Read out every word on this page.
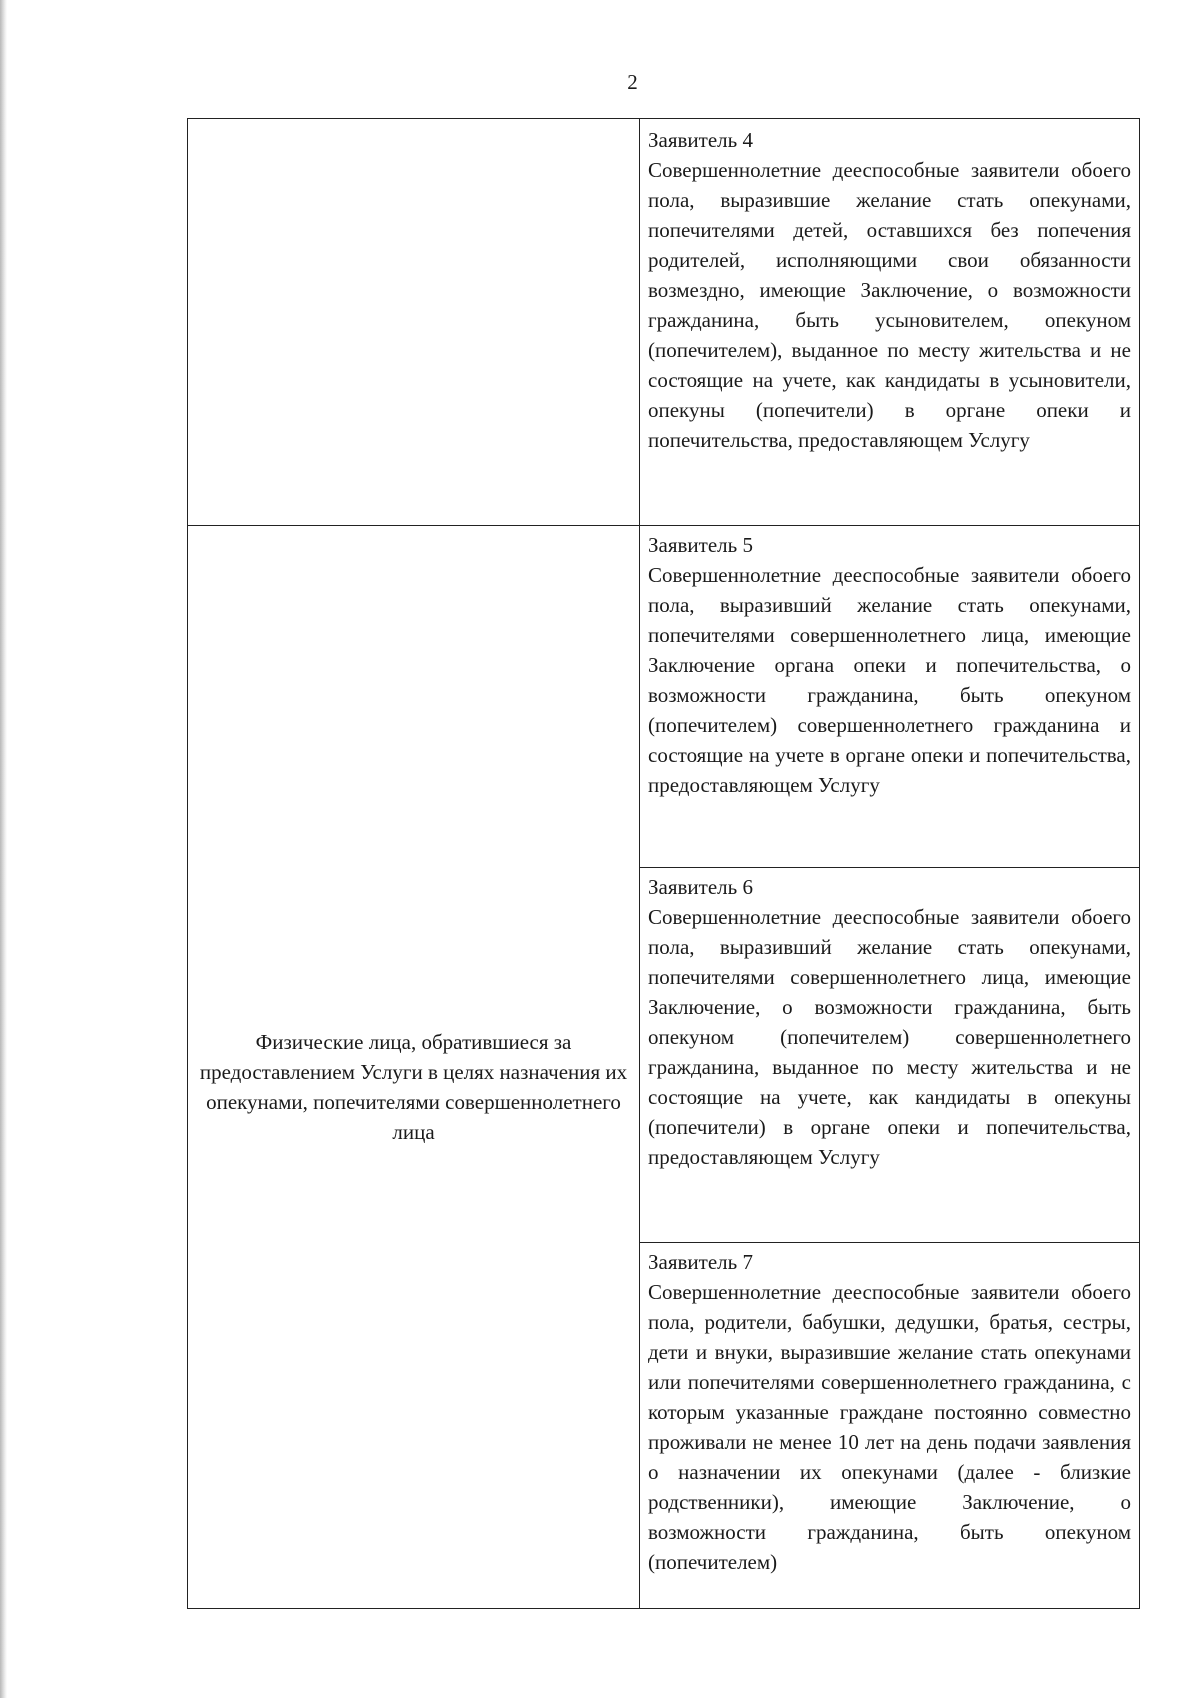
2

	Заявитель 4
Совершеннолетние дееспособные заявители обоего пола, выразившие желание стать опекунами, попечителями детей, оставшихся без попечения родителей, исполняющими свои обязанности возмездно, имеющие Заключение, о возможности гражданина, быть усыновителем, опекуном (попечителем), выданное по месту жительства и не состоящие на учете, как кандидаты в усыновители, опекуны (попечители) в органе опеки и попечительства, предоставляющем Услугу

Физические лица, обратившиеся за предоставлением Услуги в целях назначения их опекунами, попечителями совершеннолетнего лица	Заявитель 5
Совершеннолетние дееспособные заявители обоего пола, выразивший желание стать опекунами, попечителями совершеннолетнего лица, имеющие Заключение органа опеки и попечительства, о возможности гражданина, быть опекуном (попечителем) совершеннолетнего гражданина и состоящие на учете в органе опеки и попечительства, предоставляющем Услугу

	Заявитель 6
Совершеннолетние дееспособные заявители обоего пола, выразивший желание стать опекунами, попечителями совершеннолетнего лица, имеющие Заключение, о возможности гражданина, быть опекуном (попечителем) совершеннолетнего гражданина, выданное по месту жительства и не состоящие на учете, как кандидаты в опекуны (попечители) в органе опеки и попечительства, предоставляющем Услугу

	Заявитель 7
Совершеннолетние дееспособные заявители обоего пола, родители, бабушки, дедушки, братья, сестры, дети и внуки, выразившие желание стать опекунами или попечителями совершеннолетнего гражданина, с которым указанные граждане постоянно совместно проживали не менее 10 лет на день подачи заявления о назначении их опекунами (далее - близкие родственники), имеющие Заключение, о возможности гражданина, быть опекуном (попечителем)
